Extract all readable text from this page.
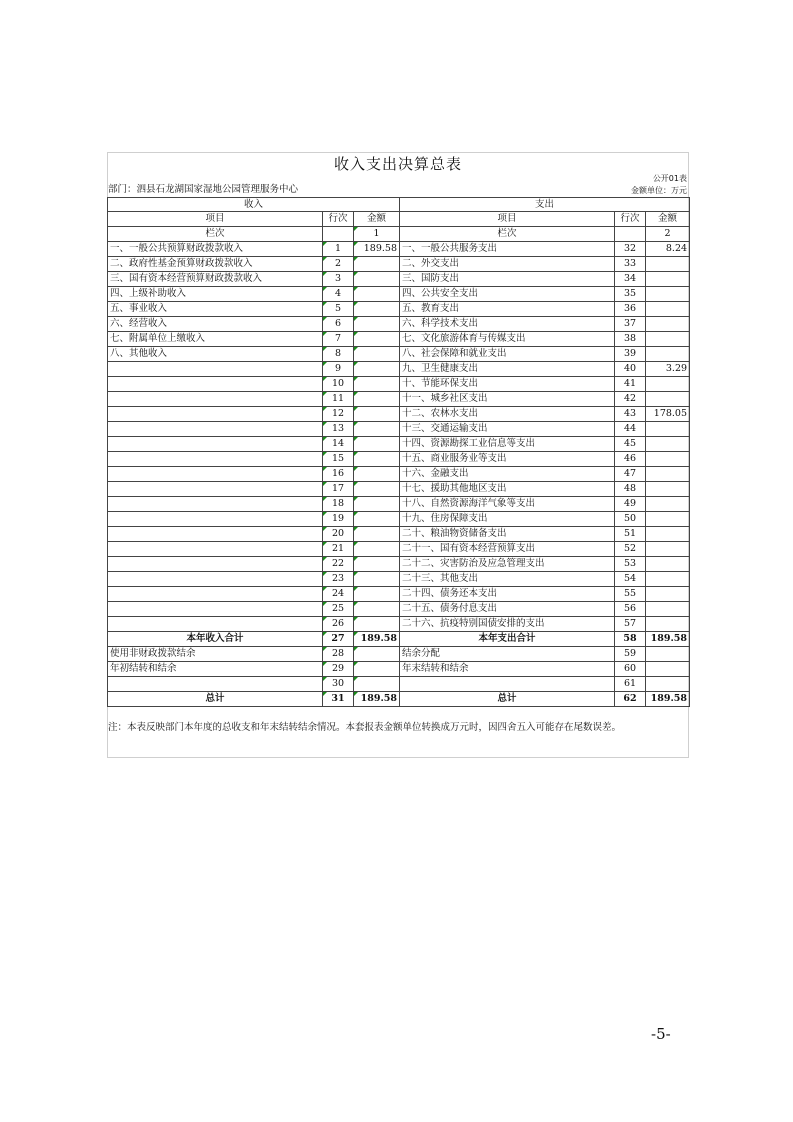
收入支出决算总表
公开01表
部门：泗县石龙湖国家湿地公园管理服务中心	金额单位：万元
收入			支出		
项目	行次	金额	项目	行次	金额
栏次		1	栏次		2
一、一般公共预算财政拨款收入	1	189.58	一、一般公共服务支出	32	8.24
二、政府性基金预算财政拨款收入	2		二、外交支出	33	
三、国有资本经营预算财政拨款收入	3		三、国防支出	34	
四、上级补助收入	4		四、公共安全支出	35	
五、事业收入	5		五、教育支出	36	
六、经营收入	6		六、科学技术支出	37	
七、附属单位上缴收入	7		七、文化旅游体育与传媒支出	38	
八、其他收入	8		八、社会保障和就业支出	39	
	9		九、卫生健康支出	40	3.29
	10		十、节能环保支出	41	
	11		十一、城乡社区支出	42	
	12		十二、农林水支出	43	178.05
	13		十三、交通运输支出	44	
	14		十四、资源勘探工业信息等支出	45	
	15		十五、商业服务业等支出	46	
	16		十六、金融支出	47	
	17		十七、援助其他地区支出	48	
	18		十八、自然资源海洋气象等支出	49	
	19		十九、住房保障支出	50	
	20		二十、粮油物资储备支出	51	
	21		二十一、国有资本经营预算支出	52	
	22		二十二、灾害防治及应急管理支出	53	
	23		二十三、其他支出	54	
	24		二十四、债务还本支出	55	
	25		二十五、债务付息支出	56	
	26		二十六、抗疫特别国债安排的支出	57	
本年收入合计	27	189.58	本年支出合计	58	189.58
使用非财政拨款结余	28		结余分配	59	
年初结转和结余	29		年末结转和结余	60	
	30			61	
总计	31	189.58	总计	62	189.58
注：本表反映部门本年度的总收支和年末结转结余情况。本套报表金额单位转换成万元时，因四舍五入可能存在尾数误差。
-5-
